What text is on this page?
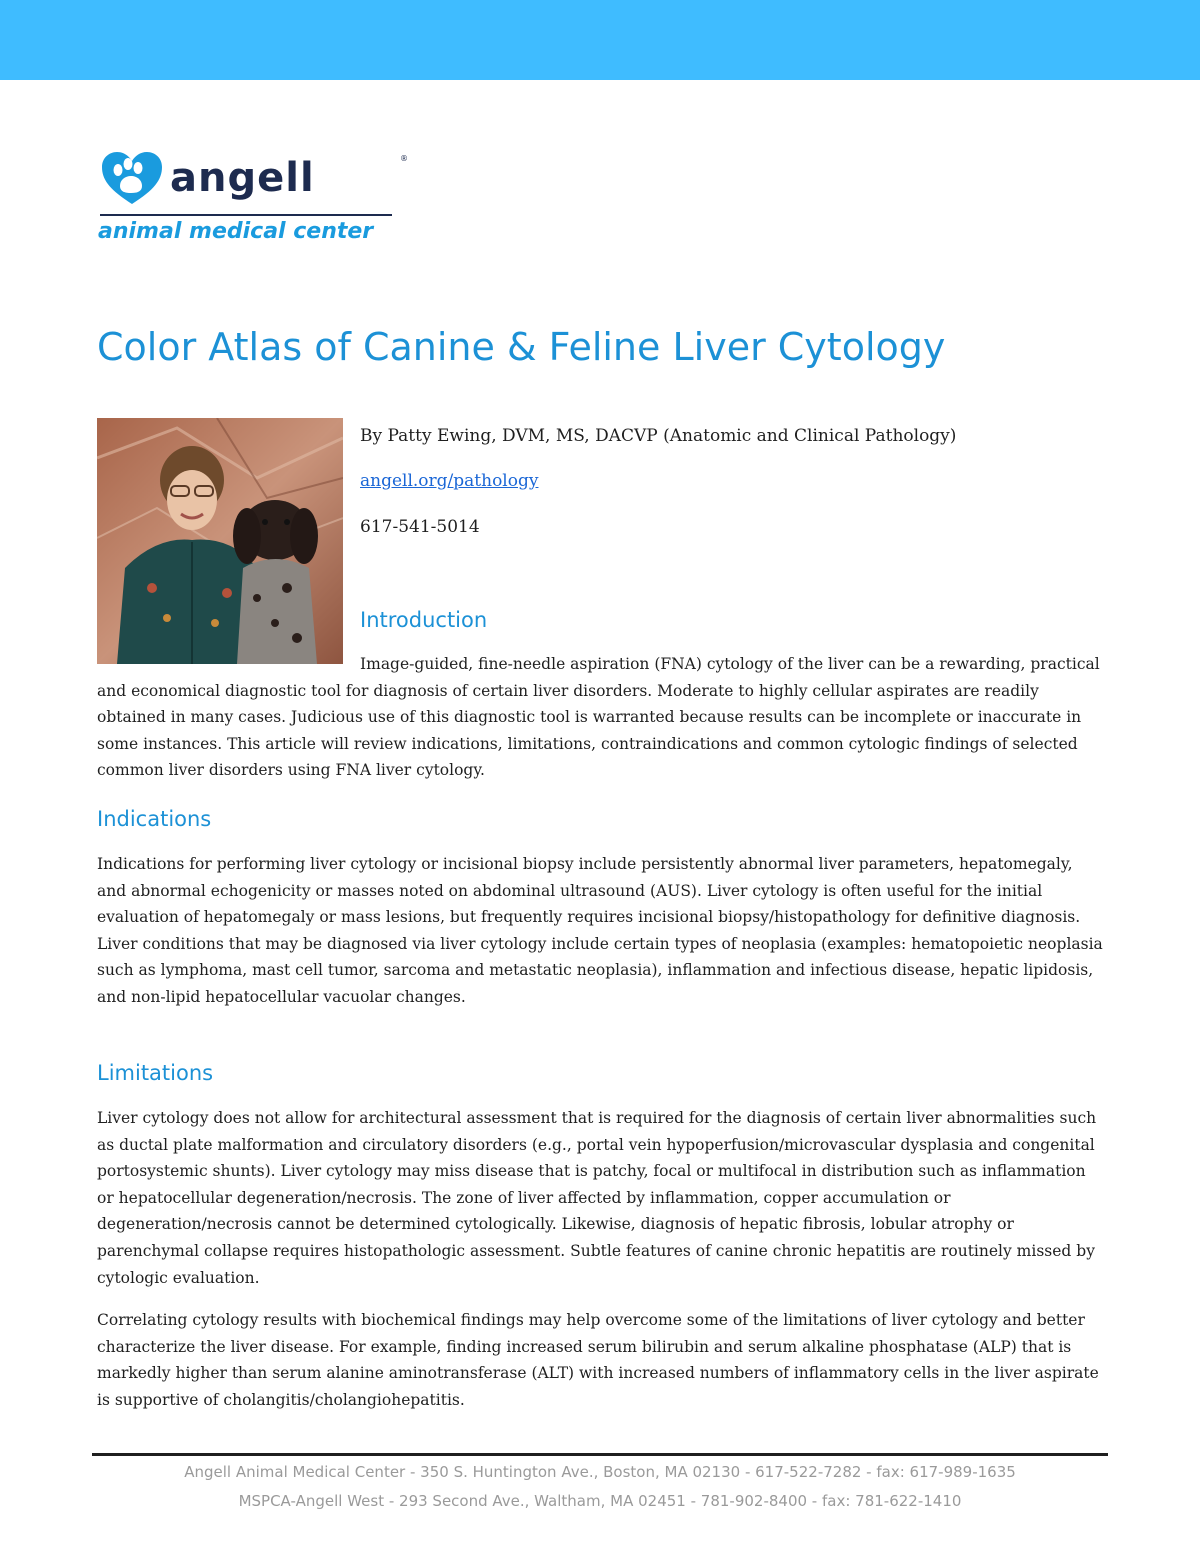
angell	®
animal medical center
Color Atlas of Canine & Feline Liver Cytology

By Patty Ewing, DVM, MS, DACVP (Anatomic and Clinical Pathology)

angell.org/pathology

617-541-5014

Introduction

Image-guided, fine-needle aspiration (FNA) cytology of the liver can be a rewarding, practical and economical diagnostic tool for diagnosis of certain liver disorders. Moderate to highly cellular aspirates are readily obtained in many cases. Judicious use of this diagnostic tool is warranted because results can be incomplete or inaccurate in some instances. This article will review indications, limitations, contraindications and common cytologic findings of selected common liver disorders using FNA liver cytology.

Indications

Indications for performing liver cytology or incisional biopsy include persistently abnormal liver parameters, hepatomegaly, and abnormal echogenicity or masses noted on abdominal ultrasound (AUS). Liver cytology is often useful for the initial evaluation of hepatomegaly or mass lesions, but frequently requires incisional biopsy/histopathology for definitive diagnosis. Liver conditions that may be diagnosed via liver cytology include certain types of neoplasia (examples: hematopoietic neoplasia such as lymphoma, mast cell tumor, sarcoma and metastatic neoplasia), inflammation and infectious disease, hepatic lipidosis, and non-lipid hepatocellular vacuolar changes.

Limitations

Liver cytology does not allow for architectural assessment that is required for the diagnosis of certain liver abnormalities such as ductal plate malformation and circulatory disorders (e.g., portal vein hypoperfusion/microvascular dysplasia and congenital portosystemic shunts). Liver cytology may miss disease that is patchy, focal or multifocal in distribution such as inflammation or hepatocellular degeneration/necrosis. The zone of liver affected by inflammation, copper accumulation or degeneration/necrosis cannot be determined cytologically. Likewise, diagnosis of hepatic fibrosis, lobular atrophy or parenchymal collapse requires histopathologic assessment. Subtle features of canine chronic hepatitis are routinely missed by cytologic evaluation.

Correlating cytology results with biochemical findings may help overcome some of the limitations of liver cytology and better characterize the liver disease. For example, finding increased serum bilirubin and serum alkaline phosphatase (ALP) that is markedly higher than serum alanine aminotransferase (ALT) with increased numbers of inflammatory cells in the liver aspirate is supportive of cholangitis/cholangiohepatitis.

Angell Animal Medical Center - 350 S. Huntington Ave., Boston, MA 02130 - 617-522-7282 - fax: 617-989-1635

MSPCA-Angell West - 293 Second Ave., Waltham, MA 02451 - 781-902-8400 - fax: 781-622-1410
